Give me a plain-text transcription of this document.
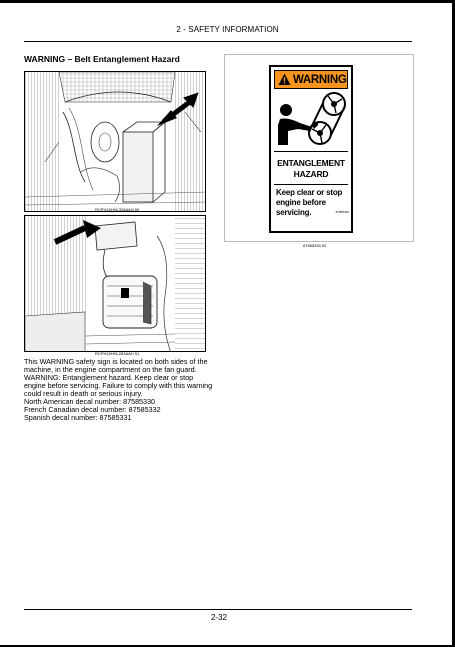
2 - SAFETY INFORMATION
WARNING – Belt Entanglement Hazard
RCPH15HHL326AAH 50
RCPH15HHL263AAH 51

This WARNING safety sign is located on both sides of the machine, in the engine compartment on the fan guard.

WARNING: Entanglement hazard. Keep clear or stop engine before servicing. Failure to comply with this warning could result in death or serious injury.

North American decal number: 87585330

French Canadian decal number: 87585332

Spanish decal number: 87585331

WARNING
ENTANGLEMENT
HAZARD
Keep clear or stop
engine before
servicing.	87585330
87585330 52
2-32
